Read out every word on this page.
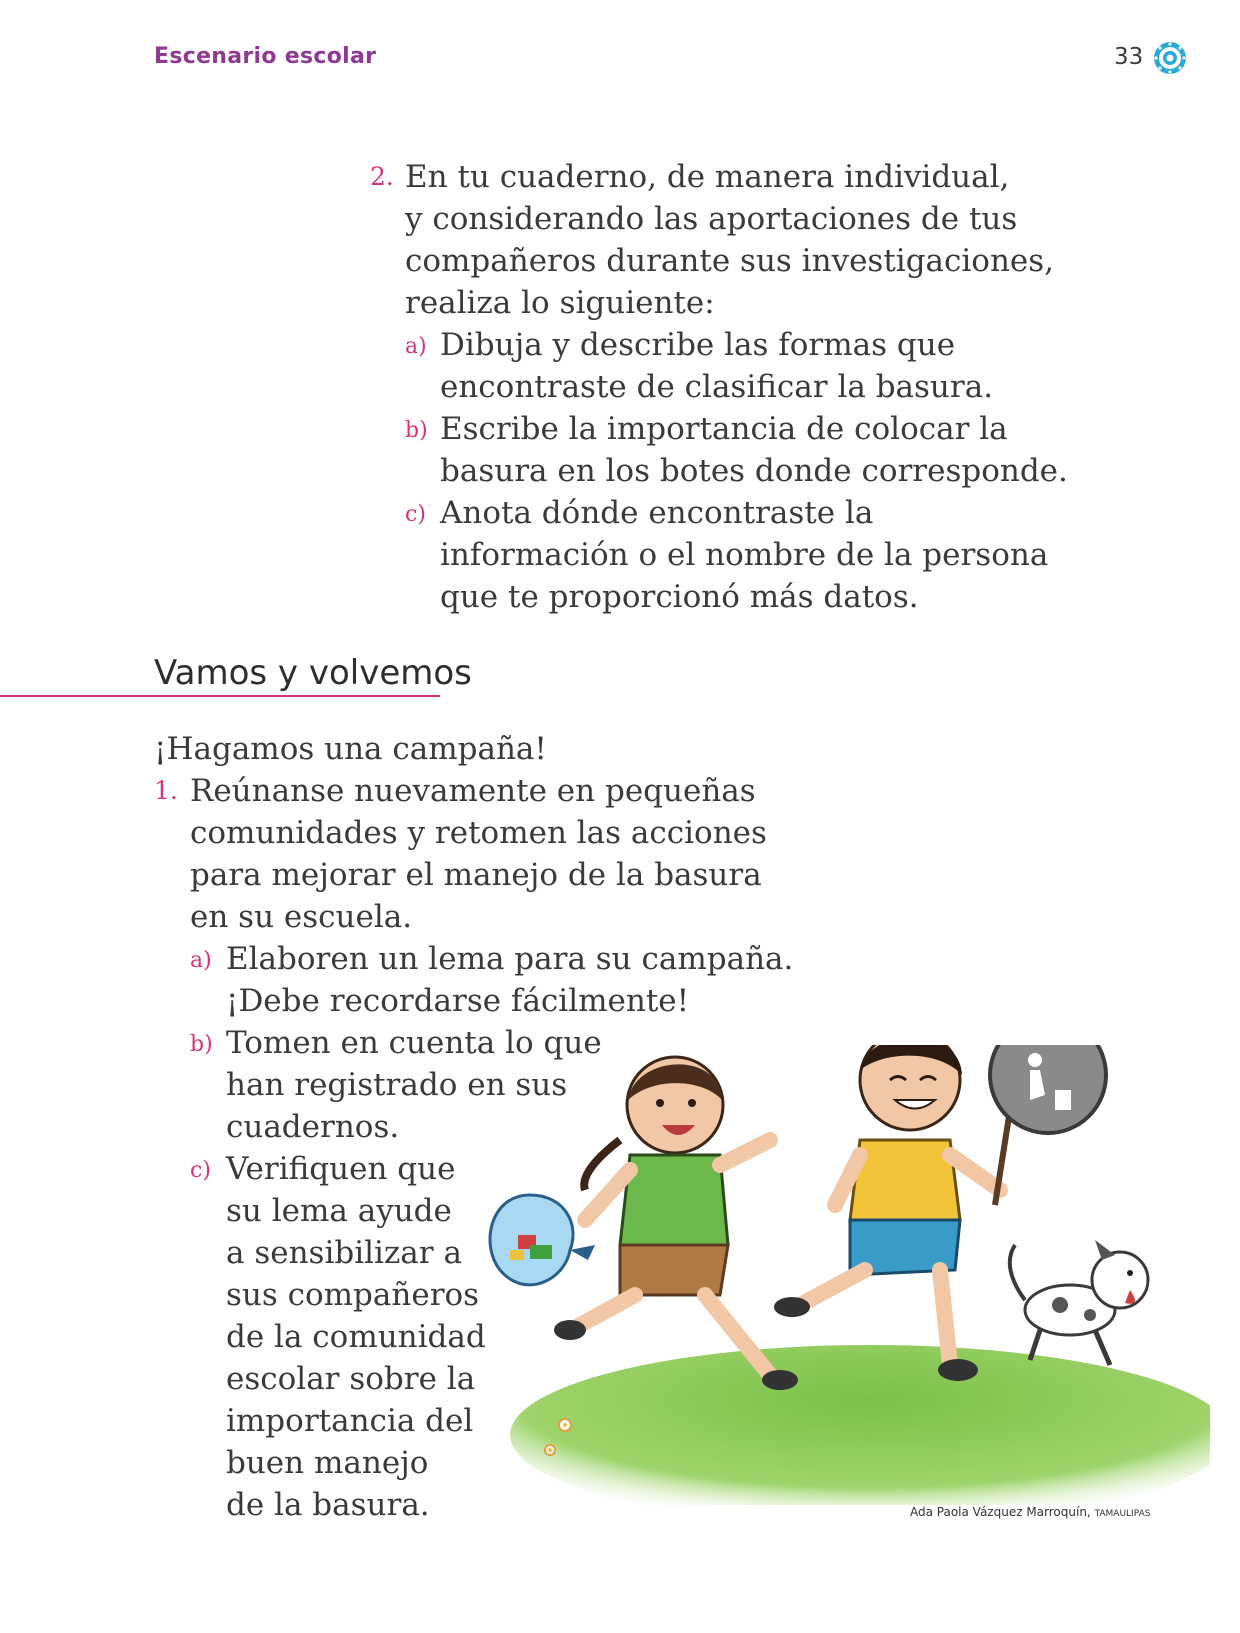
Escenario escolar	33
2. En tu cuaderno, de manera individual,
y considerando las aportaciones de tus
compañeros durante sus investigaciones,
realiza lo siguiente:
a) Dibuja y describe las formas que
encontraste de clasificar la basura.
b) Escribe la importancia de colocar la
basura en los botes donde corresponde.
c) Anota dónde encontraste la
información o el nombre de la persona
que te proporcionó más datos.
Vamos y volvemos
¡Hagamos una campaña!
1. Reúnanse nuevamente en pequeñas
comunidades y retomen las acciones
para mejorar el manejo de la basura
en su escuela.
a) Elaboren un lema para su campaña.
¡Debe recordarse fácilmente!
b) Tomen en cuenta lo que
han registrado en sus
cuadernos.
c) Verifiquen que
su lema ayude
a sensibilizar a
sus compañeros
de la comunidad
escolar sobre la
importancia del
buen manejo
de la basura.	Ada Paola Vázquez Marroquín, TAMAULIPAS
